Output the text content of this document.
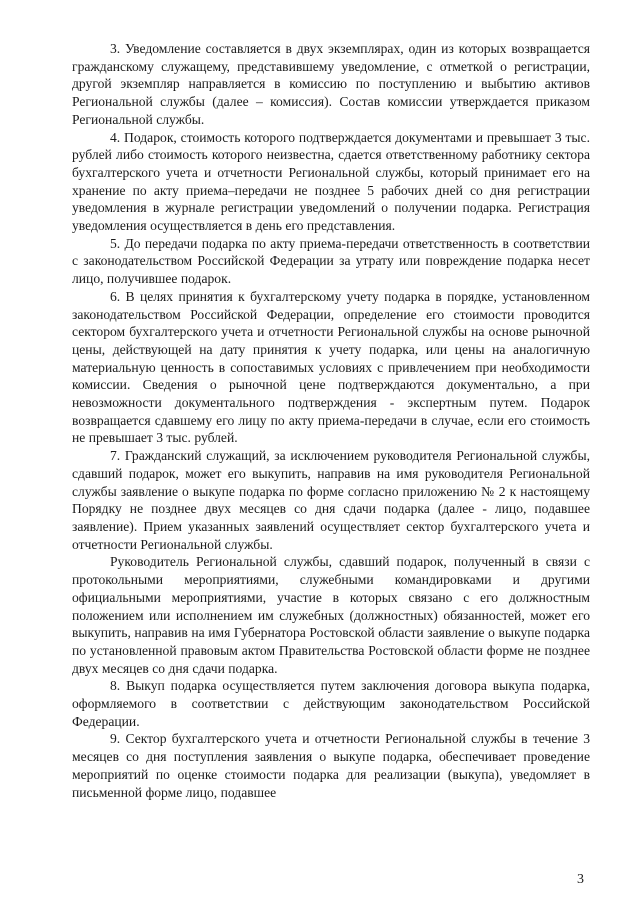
3. Уведомление составляется в двух экземплярах, один из которых возвращается гражданскому служащему, представившему уведомление, с отметкой о регистрации, другой экземпляр направляется в комиссию по поступлению и выбытию активов Региональной службы (далее – комиссия). Состав комиссии утверждается приказом Региональной службы.

4. Подарок, стоимость которого подтверждается документами и превышает 3 тыс. рублей либо стоимость которого неизвестна, сдается ответственному работнику сектора бухгалтерского учета и отчетности Региональной службы, который принимает его на хранение по акту приема–передачи не позднее 5 рабочих дней со дня регистрации уведомления в журнале регистрации уведомлений о получении подарка. Регистрация уведомления осуществляется в день его представления.

5. До передачи подарка по акту приема-передачи ответственность в соответствии с законодательством Российской Федерации за утрату или повреждение подарка несет лицо, получившее подарок.

6. В целях принятия к бухгалтерскому учету подарка в порядке, установленном законодательством Российской Федерации, определение его стоимости проводится сектором бухгалтерского учета и отчетности Региональной службы на основе рыночной цены, действующей на дату принятия к учету подарка, или цены на аналогичную материальную ценность в сопоставимых условиях с привлечением при необходимости комиссии. Сведения о рыночной цене подтверждаются документально, а при невозможности документального подтверждения - экспертным путем. Подарок возвращается сдавшему его лицу по акту приема-передачи в случае, если его стоимость не превышает 3 тыс. рублей.

7. Гражданский служащий, за исключением руководителя Региональной службы, сдавший подарок, может его выкупить, направив на имя руководителя Региональной службы заявление о выкупе подарка по форме согласно приложению № 2 к настоящему Порядку не позднее двух месяцев со дня сдачи подарка (далее - лицо, подавшее заявление). Прием указанных заявлений осуществляет сектор бухгалтерского учета и отчетности Региональной службы.

Руководитель Региональной службы, сдавший подарок, полученный в связи с протокольными мероприятиями, служебными командировками и другими официальными мероприятиями, участие в которых связано с его должностным положением или исполнением им служебных (должностных) обязанностей, может его выкупить, направив на имя Губернатора Ростовской области заявление о выкупе подарка по установленной правовым актом Правительства Ростовской области форме не позднее двух месяцев со дня сдачи подарка.

8. Выкуп подарка осуществляется путем заключения договора выкупа подарка, оформляемого в соответствии с действующим законодательством Российской Федерации.

9. Сектор бухгалтерского учета и отчетности Региональной службы в течение 3 месяцев со дня поступления заявления о выкупе подарка, обеспечивает проведение мероприятий по оценке стоимости подарка для реализации (выкупа), уведомляет в письменной форме лицо, подавшее

3
